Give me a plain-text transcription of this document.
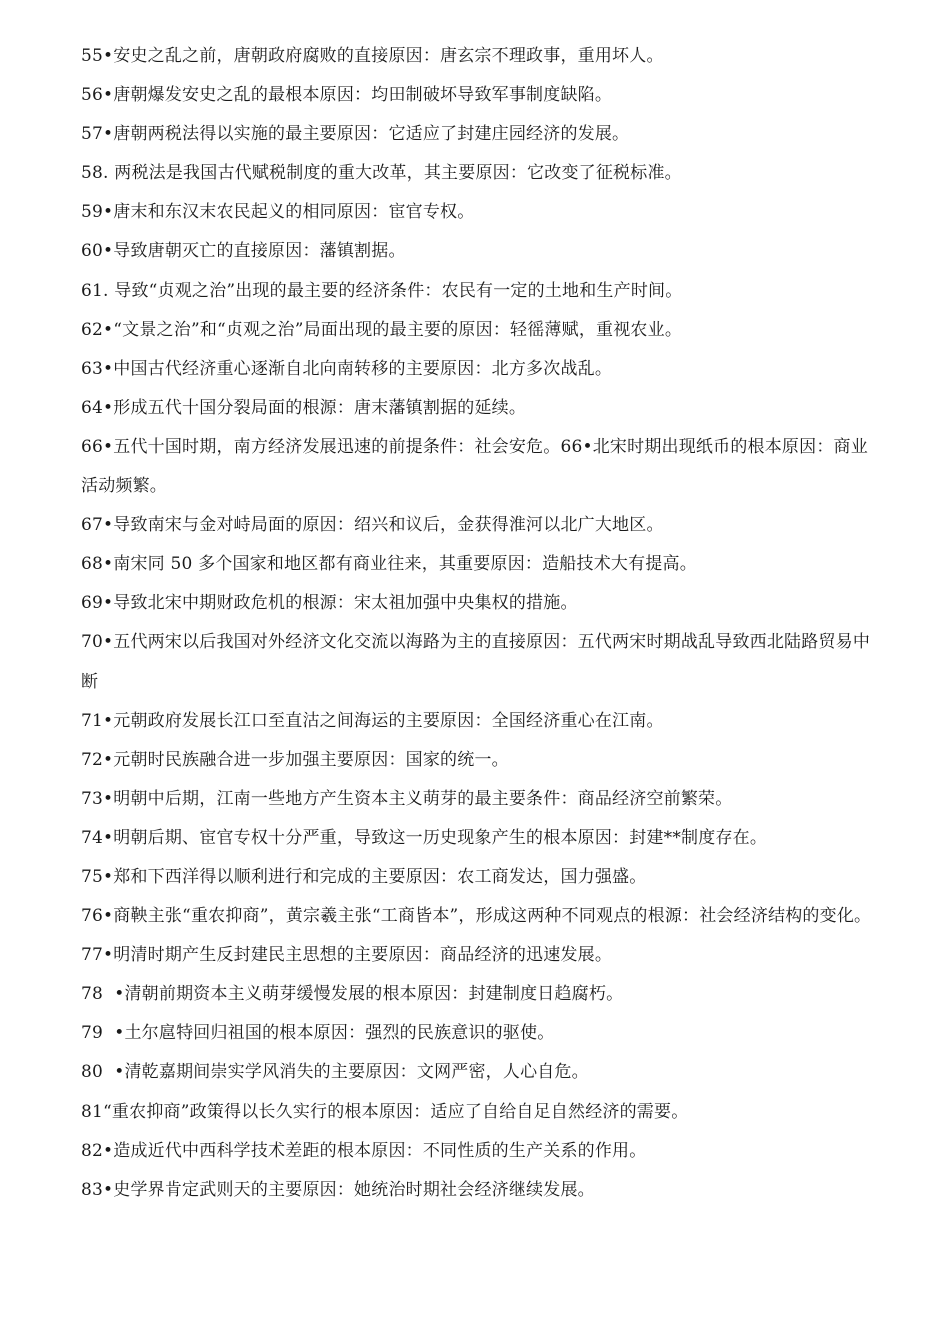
55•安史之乱之前，唐朝政府腐败的直接原因：唐玄宗不理政事，重用坏人。

56•唐朝爆发安史之乱的最根本原因：均田制破坏导致军事制度缺陷。

57•唐朝两税法得以实施的最主要原因：它适应了封建庄园经济的发展。

58. 两税法是我国古代赋税制度的重大改革，其主要原因：它改变了征税标准。

59•唐末和东汉末农民起义的相同原因：宦官专权。

60•导致唐朝灭亡的直接原因：藩镇割据。

61. 导致“贞观之治”出现的最主要的经济条件：农民有一定的土地和生产时间。

62•“文景之治”和“贞观之治”局面出现的最主要的原因：轻徭薄赋，重视农业。

63•中国古代经济重心逐渐自北向南转移的主要原因：北方多次战乱。

64•形成五代十国分裂局面的根源：唐末藩镇割据的延续。

66•五代十国时期，南方经济发展迅速的前提条件：社会安危。66•北宋时期出现纸币的根本原因：商业活动频繁。

67•导致南宋与金对峙局面的原因：绍兴和议后，金获得淮河以北广大地区。

68•南宋同 50 多个国家和地区都有商业往来，其重要原因：造船技术大有提高。

69•导致北宋中期财政危机的根源：宋太祖加强中央集权的措施。

70•五代两宋以后我国对外经济文化交流以海路为主的直接原因：五代两宋时期战乱导致西北陆路贸易中断

71•元朝政府发展长江口至直沽之间海运的主要原因：全国经济重心在江南。

72•元朝时民族融合进一步加强主要原因：国家的统一。

73•明朝中后期，江南一些地方产生资本主义萌芽的最主要条件：商品经济空前繁荣。

74•明朝后期、宦官专权十分严重，导致这一历史现象产生的根本原因：封建**制度存在。

75•郑和下西洋得以顺利进行和完成的主要原因：农工商发达，国力强盛。

76•商鞅主张“重农抑商”，黄宗羲主张“工商皆本”，形成这两种不同观点的根源：社会经济结构的变化。

77•明清时期产生反封建民主思想的主要原因：商品经济的迅速发展。

78  •清朝前期资本主义萌芽缓慢发展的根本原因：封建制度日趋腐朽。

79  •土尔扈特回归祖国的根本原因：强烈的民族意识的驱使。

80  •清乾嘉期间崇实学风消失的主要原因：文网严密，人心自危。

81“重农抑商”政策得以长久实行的根本原因：适应了自给自足自然经济的需要。

82•造成近代中西科学技术差距的根本原因：不同性质的生产关系的作用。

83•史学界肯定武则天的主要原因：她统治时期社会经济继续发展。
